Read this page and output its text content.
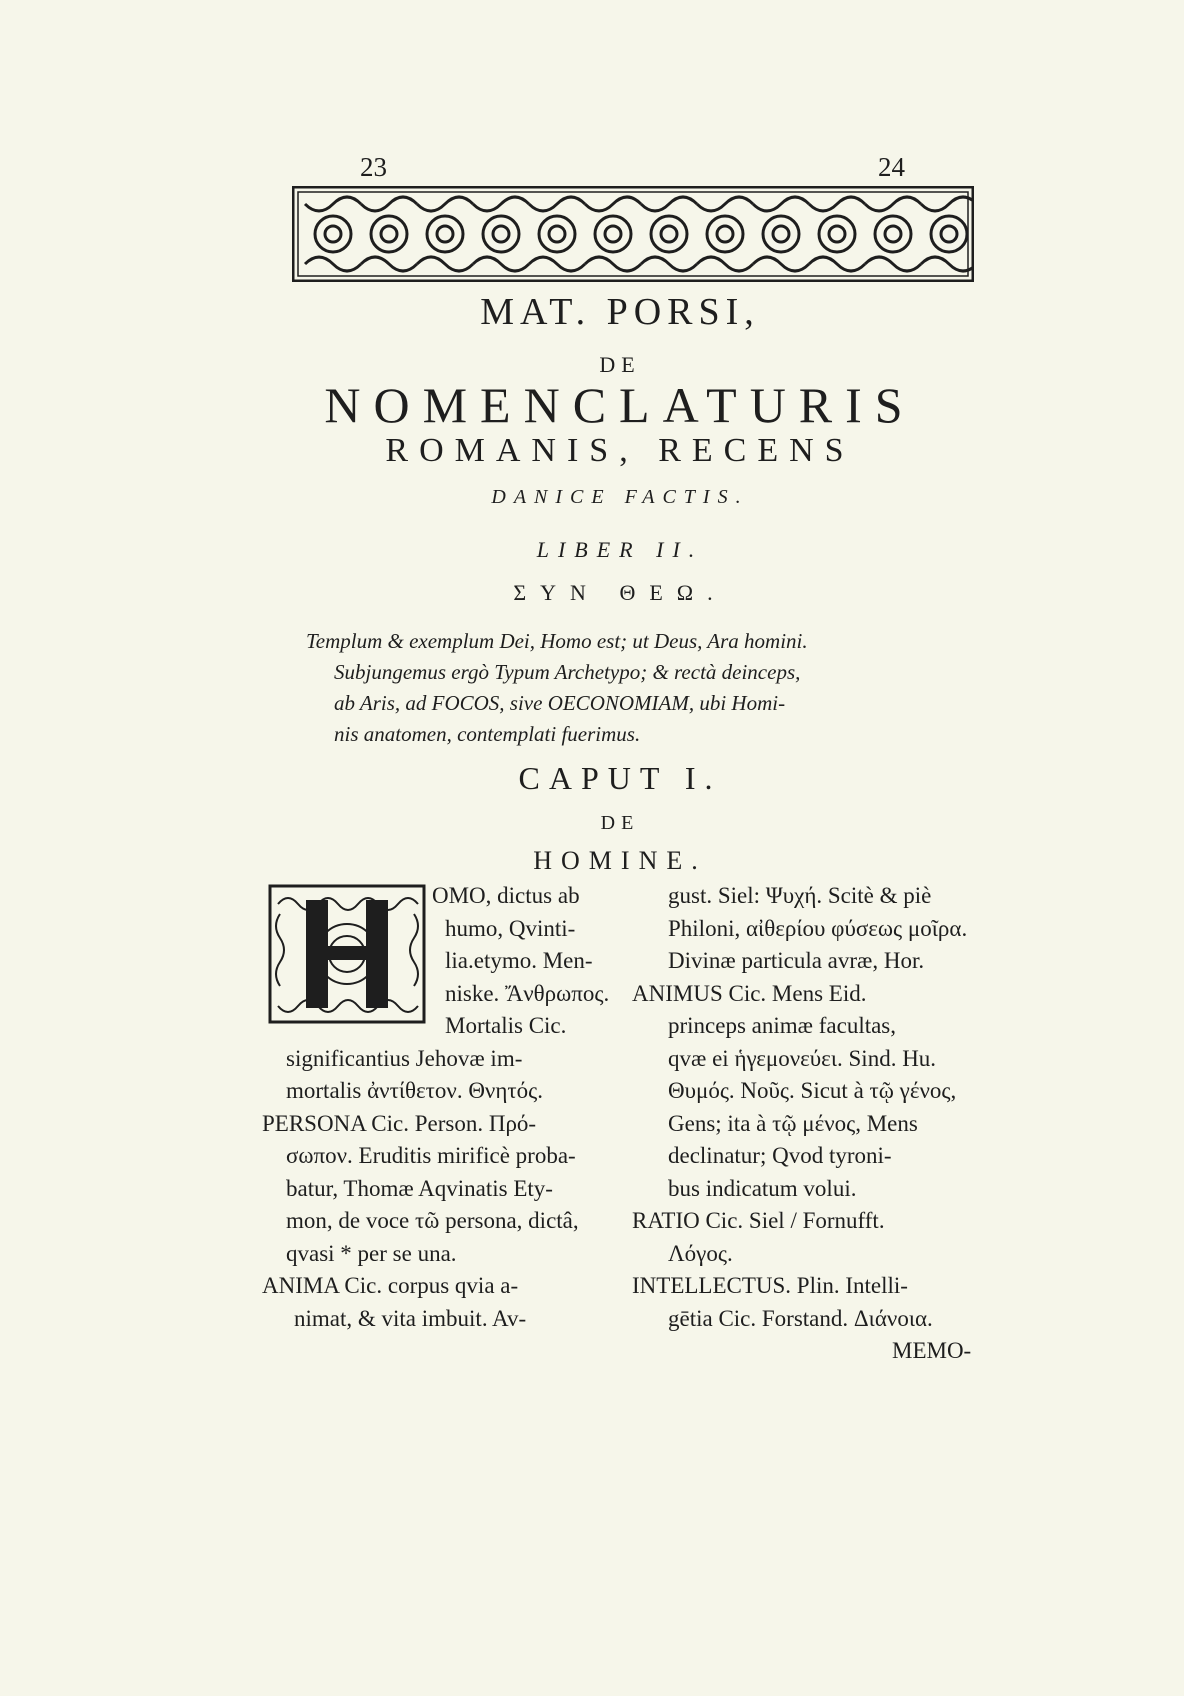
23	24
MAT. PORSI,
DE
NOMENCLATURIS
ROMANIS, RECENS
DANICE FACTIS.
LIBER II.
ΣΥΝ ΘΕΩ.
Templum & exemplum Dei, Homo est; ut Deus, Ara homini.
Subjungemus ergò Typum Archetypo; & rectà deinceps,
ab Aris, ad FOCOS, sive OECONOMIAM, ubi Homi-
nis anatomen, contemplati fuerimus.
CAPUT I.
DE
HOMINE.
OMO, dictus ab
humo, Qvinti-
lia.etymo. Men-
niske. Ἄνθρωπος.
Mortalis Cic.
significantius Jehovæ im-
mortalis ἀντίθετον. Θνητός.
PERSONA Cic. Person. Πρό-
σωπον. Eruditis mirificè proba-
batur, Thomæ Aqvinatis Ety-
mon, de voce τῶ persona, dictâ,
qvasi * per se una.
ANIMA Cic. corpus qvia a-
nimat, & vita imbuit. Av-
gust. Siel: Ψυχή. Scitè & piè
Philoni, αἰθερίου φύσεως μοῖρα.
Divinæ particula avræ, Hor.
ANIMUS Cic. Mens Eid.
princeps animæ facultas,
qvæ ei ἡγεμονεύει. Sind. Hu.
Θυμός. Νοῦς. Sicut à τῷ γένος,
Gens; ita à τῷ μένος, Mens
declinatur; Qvod tyroni-
bus indicatum volui.
RATIO Cic. Siel / Fornufft.
Λόγος.
INTELLECTUS. Plin. Intelli-
gētia Cic. Forstand. Διάνοια.
MEMO-
